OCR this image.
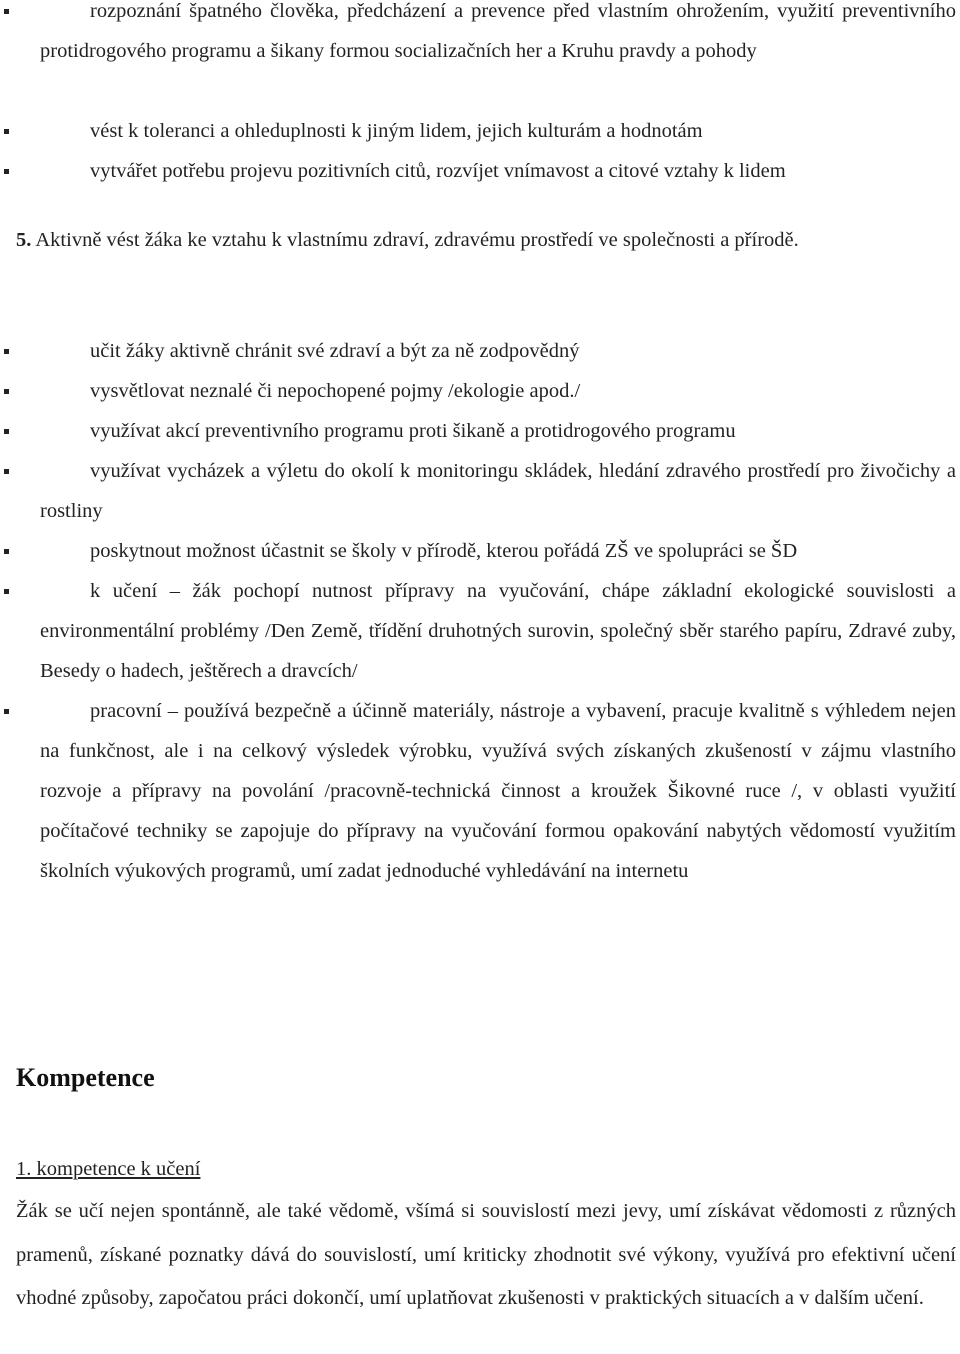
rozpoznání špatného člověka, předcházení a prevence před vlastním ohrožením, využití preventivního protidrogového programu a šikany formou socializačních her a Kruhu pravdy a pohody

vést k toleranci a ohleduplnosti k jiným lidem, jejich kulturám a hodnotám

vytvářet potřebu projevu pozitivních citů, rozvíjet vnímavost a citové vztahy k lidem

5. Aktivně vést žáka ke vztahu k vlastnímu zdraví, zdravému prostředí ve společnosti a přírodě.

učit žáky aktivně chránit své zdraví a být za ně zodpovědný

vysvětlovat neznalé či nepochopené pojmy /ekologie apod./

využívat akcí preventivního programu proti šikaně a protidrogového programu

využívat vycházek a výletu do okolí k monitoringu skládek, hledání zdravého prostředí pro živočichy a rostliny

poskytnout možnost účastnit se školy v přírodě, kterou pořádá ZŠ ve spolupráci se ŠD

k učení – žák pochopí nutnost přípravy na vyučování, chápe základní ekologické souvislosti a environmentální problémy /Den Země, třídění druhotných surovin, společný sběr starého papíru, Zdravé zuby, Besedy o hadech, ještěrech a dravcích/

pracovní – používá bezpečně a účinně materiály, nástroje a vybavení, pracuje kvalitně s výhledem nejen na funkčnost, ale i na celkový výsledek výrobku, využívá svých získaných zkušeností v zájmu vlastního rozvoje a přípravy na povolání /pracovně-technická činnost a kroužek Šikovné ruce /, v oblasti využití počítačové techniky se zapojuje do přípravy na vyučování formou opakování nabytých vědomostí využitím školních výukových programů, umí zadat jednoduché vyhledávání na internetu

Kompetence

1. kompetence k učení

Žák se učí nejen spontánně, ale také vědomě, všímá si souvislostí mezi jevy, umí získávat vědomosti z různých pramenů, získané poznatky dává do souvislostí, umí kriticky zhodnotit své výkony, využívá pro efektivní učení vhodné způsoby, započatou práci dokončí, umí uplatňovat zkušenosti v praktických situacích a v dalším učení.
